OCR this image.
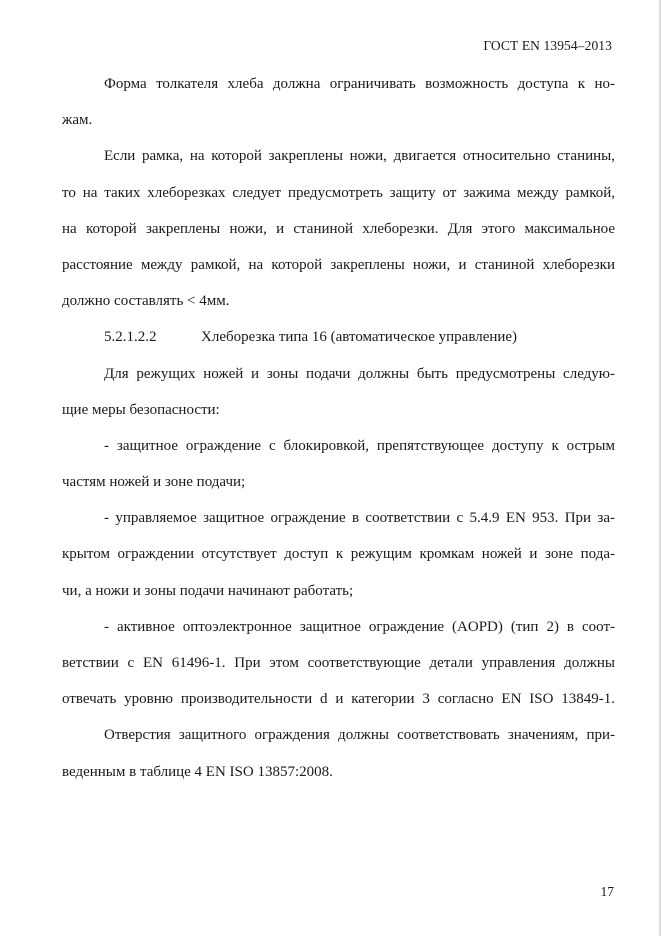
ГОСТ EN 13954–2013
Форма толкателя хлеба должна ограничивать возможность доступа к но-
жам.
Если рамка, на которой закреплены ножи, двигается относительно станины,
то на таких хлеборезках следует предусмотреть защиту от зажима между рамкой,
на которой закреплены ножи, и станиной хлеборезки. Для этого максимальное
расстояние между рамкой, на которой закреплены ножи, и станиной хлеборезки
должно составлять < 4мм.
5.2.1.2.2	Хлеборезка типа 16 (автоматическое управление)
Для режущих ножей и зоны подачи должны быть предусмотрены следую-
щие меры безопасности:
- защитное ограждение с блокировкой, препятствующее доступу к острым
частям ножей и зоне подачи;
- управляемое защитное ограждение в соответствии с 5.4.9 EN 953. При за-
крытом ограждении отсутствует доступ к режущим кромкам ножей и зоне пода-
чи, а ножи и зоны подачи начинают работать;
- активное оптоэлектронное защитное ограждение (AOPD) (тип 2) в соот-
ветствии с EN 61496-1. При этом соответствующие детали управления должны
отвечать уровню производительности d и категории 3 согласно EN ISO 13849-1.
Отверстия защитного ограждения должны соответствовать значениям, при-
веденным в таблице 4 EN ISO 13857:2008.
17
